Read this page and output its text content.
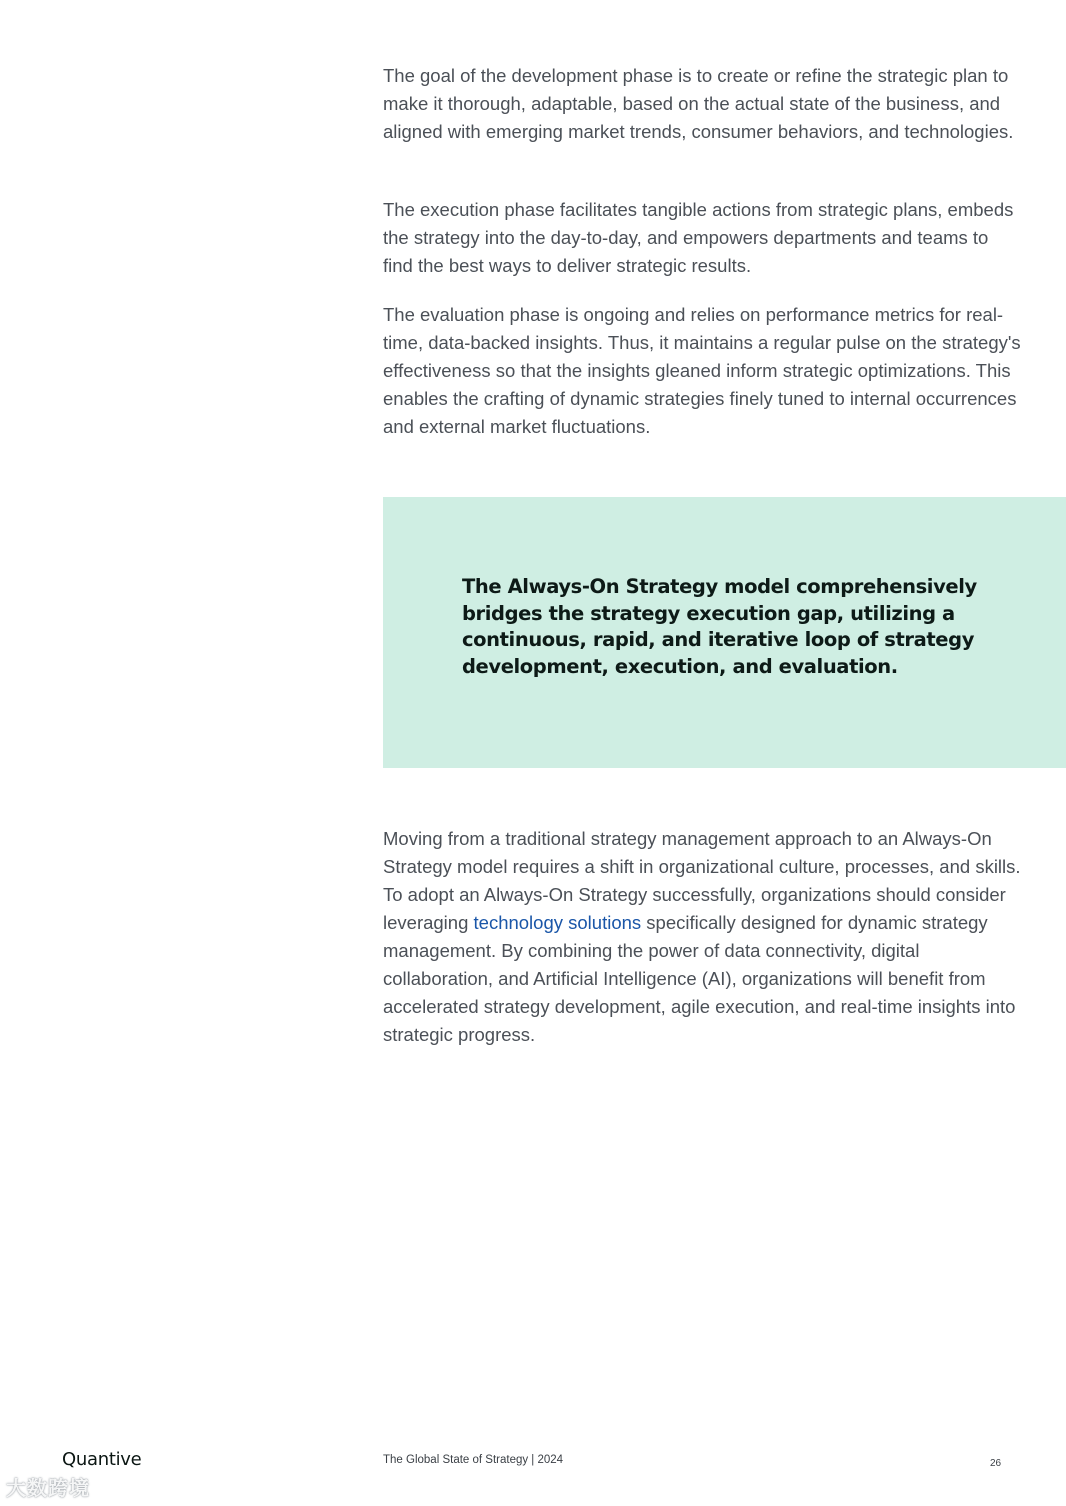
The goal of the development phase is to create or refine the strategic plan to make it thorough, adaptable, based on the actual state of the business, and aligned with emerging market trends, consumer behaviors, and technologies.

The execution phase facilitates tangible actions from strategic plans, embeds the strategy into the day-to-day, and empowers departments and teams to find the best ways to deliver strategic results.

The evaluation phase is ongoing and relies on performance metrics for real-time, data-backed insights. Thus, it maintains a regular pulse on the strategy's effectiveness so that the insights gleaned inform strategic optimizations. This enables the crafting of dynamic strategies finely tuned to internal occurrences and external market fluctuations.

The Always-On Strategy model comprehensively bridges the strategy execution gap, utilizing a continuous, rapid, and iterative loop of strategy development, execution, and evaluation.

Moving from a traditional strategy management approach to an Always-On Strategy model requires a shift in organizational culture, processes, and skills. To adopt an Always-On Strategy successfully, organizations should consider leveraging technology solutions specifically designed for dynamic strategy management. By combining the power of data connectivity, digital collaboration, and Artificial Intelligence (AI), organizations will benefit from accelerated strategy development, agile execution, and real-time insights into strategic progress.

Quantive	The Global State of Strategy | 2024	26
大数跨境
